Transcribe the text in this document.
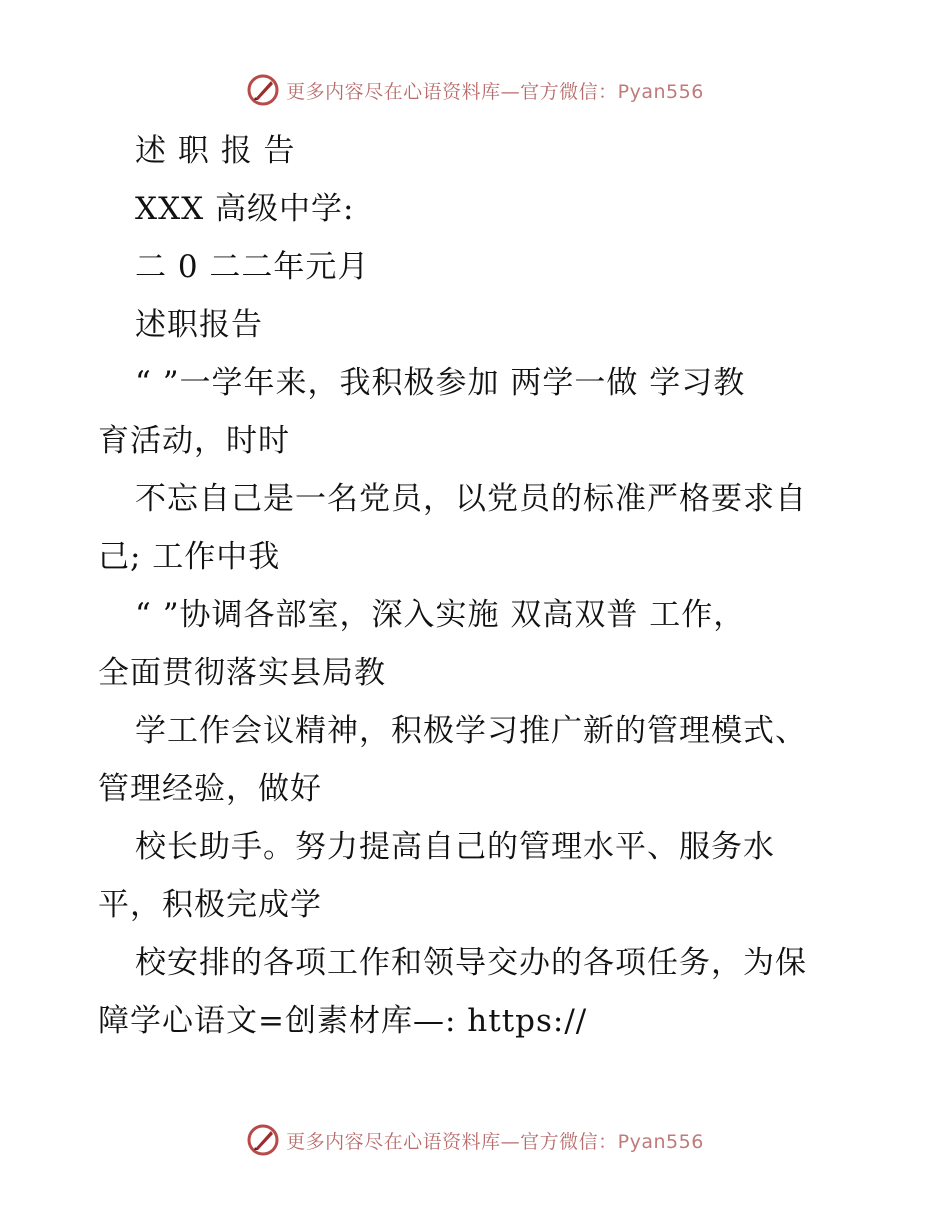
更多内容尽在心语资料库—官方微信：Pyan556
述 职 报 告
XXX 高级中学:
二 0 二二年元月
述职报告
“ ”一学年来，我积极参加 两学一做 学习教
育活动，时时
不忘自己是一名党员，以党员的标准严格要求自
己; 工作中我
“ ”协调各部室，深入实施 双高双普 工作，
全面贯彻落实县局教
学工作会议精神，积极学习推广新的管理模式、
管理经验，做好
校长助手。努力提高自己的管理水平、服务水
平，积极完成学
校安排的各项工作和领导交办的各项任务，为保
障学心语文=创素材库—: https://
更多内容尽在心语资料库—官方微信：Pyan556
